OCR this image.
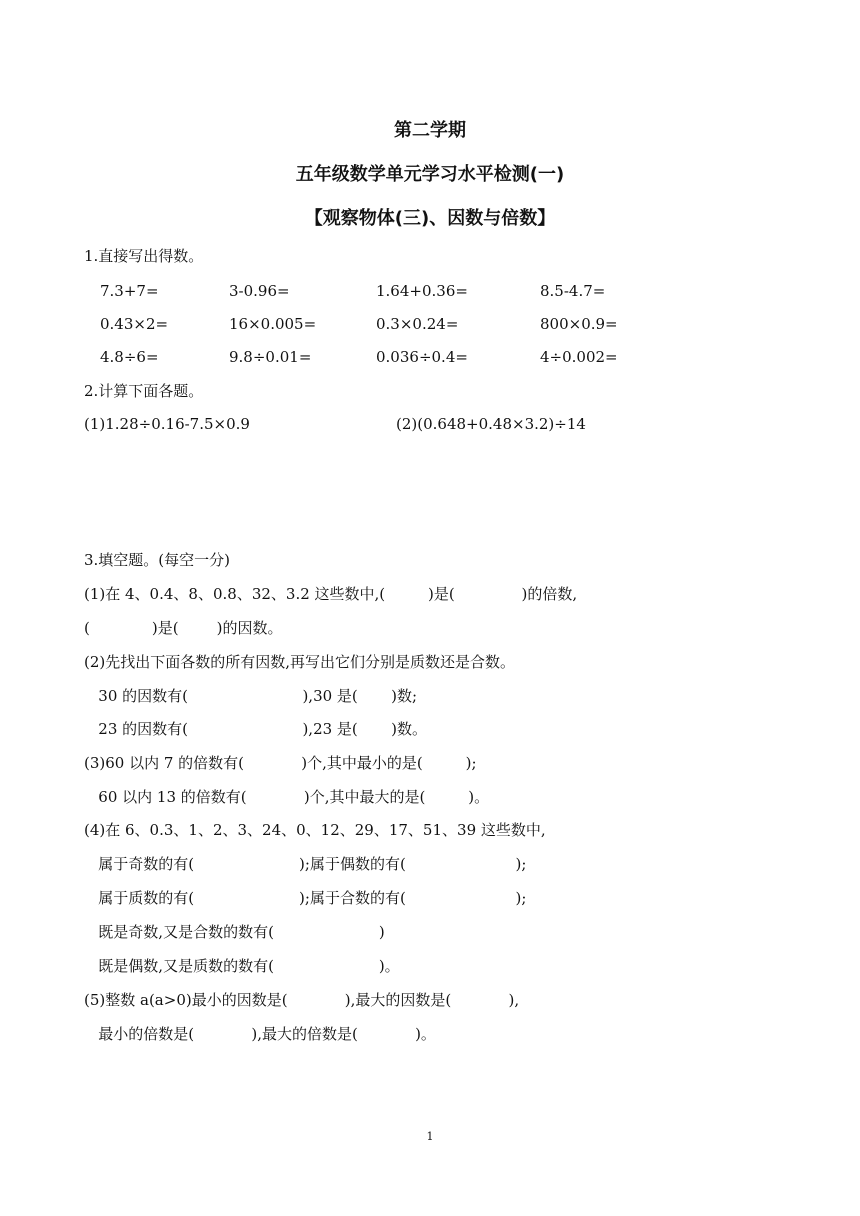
第二学期
五年级数学单元学习水平检测(一)
【观察物体(三)、因数与倍数】
1.直接写出得数。
7.3+7=	3-0.96=	1.64+0.36=	8.5-4.7=
0.43×2=	16×0.005=	0.3×0.24=	800×0.9=
4.8÷6=	9.8÷0.01=	0.036÷0.4=	4÷0.002=
2.计算下面各题。
(1)1.28÷0.16-7.5×0.9	(2)(0.648+0.48×3.2)÷14
3.填空题。(每空一分)
(1)在 4、0.4、8、0.8、32、3.2 这些数中,(         )是(              )的倍数,
(             )是(        )的因数。
(2)先找出下面各数的所有因数,再写出它们分别是质数还是合数。
30 的因数有(                        ),30 是(       )数;
23 的因数有(                        ),23 是(       )数。
(3)60 以内 7 的倍数有(            )个,其中最小的是(         );
60 以内 13 的倍数有(            )个,其中最大的是(         )。
(4)在 6、0.3、1、2、3、24、0、12、29、17、51、39 这些数中,
属于奇数的有(                      );属于偶数的有(                       );
属于质数的有(                      );属于合数的有(                       );
既是奇数,又是合数的数有(                      )
既是偶数,又是质数的数有(                      )。
(5)整数 a(a>0)最小的因数是(            ),最大的因数是(            ),
最小的倍数是(            ),最大的倍数是(            )。
1
